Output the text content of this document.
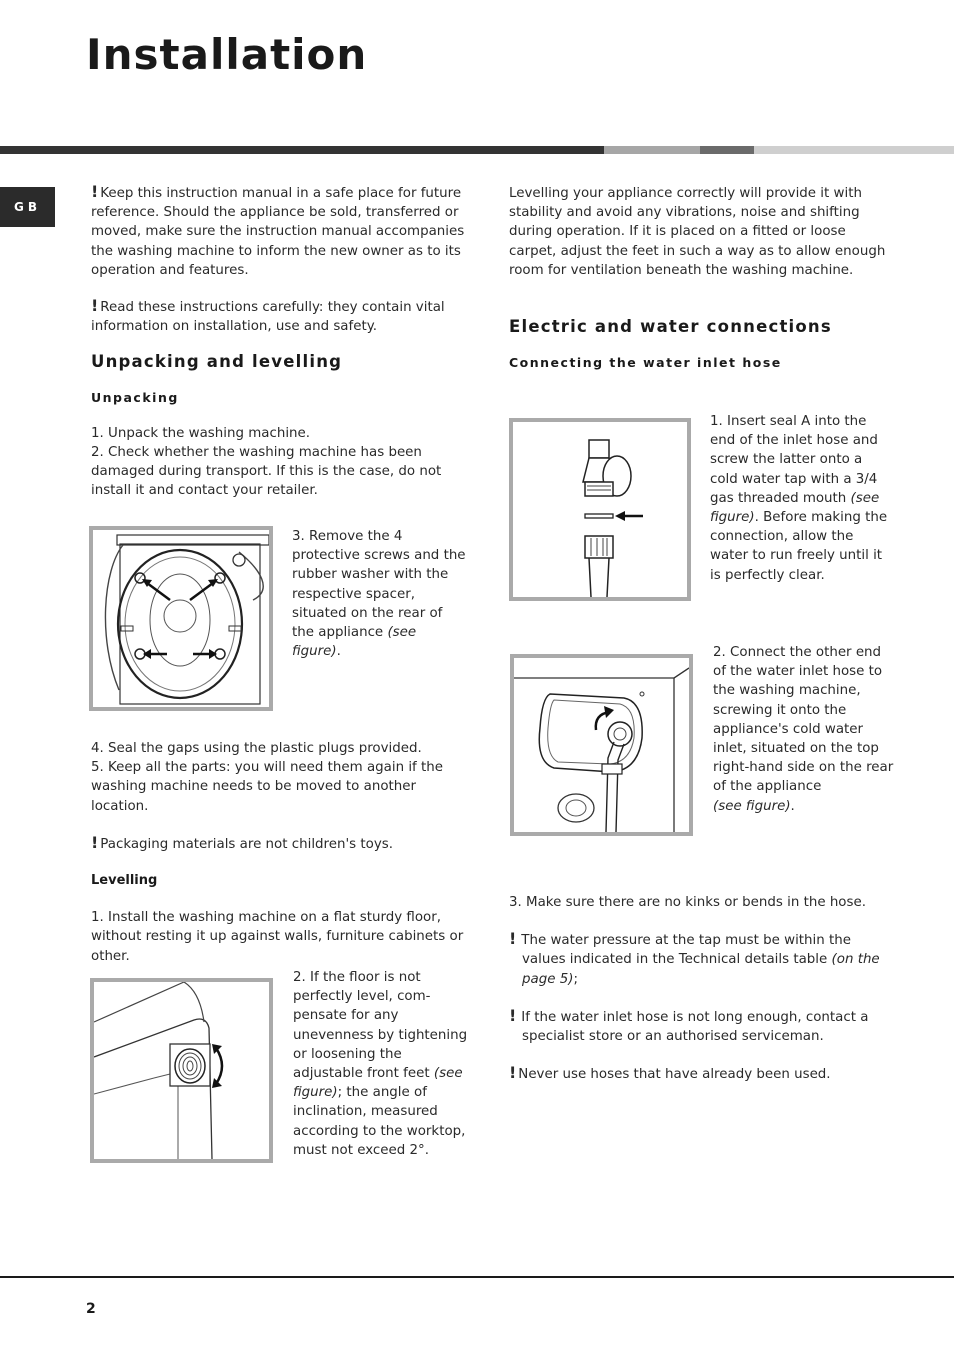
Installation
GB

! Keep this instruction manual in a safe place for future reference. Should the appliance be sold, transferred or moved, make sure the instruction manual accompanies the washing machine to inform the new owner as to its operation and features.

! Read these instructions carefully: they contain vital information on installation, use and safety.

Unpacking and levelling
Unpacking

1. Unpack the washing machine.

2. Check whether the washing machine has been damaged during transport. If this is the case, do not install it and contact your retailer.

3. Remove the 4 protective screws and the rubber washer with the respective spacer, situated on the rear of the appliance (see figure).

4. Seal the gaps using the plastic plugs provided.

5. Keep all the parts: you will need them again if the washing machine needs to be moved to another location.

! Packaging materials are not children's toys.

Levelling

1. Install the washing machine on a flat sturdy floor, without resting it up against walls, furniture cabinets or other.

2. If the floor is not perfectly level, com-pensate for any unevenness by tightening or loosening the adjustable front feet (see figure); the angle of inclination, measured according to the worktop, must not exceed 2°.

Levelling your appliance correctly will provide it with stability and avoid any vibrations, noise and shifting during operation. If it is placed on a fitted or loose carpet, adjust the feet in such a way as to allow enough room for ventilation beneath the washing machine.

Electric and water connections
Connecting the water inlet hose

1. Insert seal A into the end of the inlet hose and screw the latter onto a cold water tap with a 3/4 gas threaded mouth (see figure). Before making the connection, allow the water to run freely until it is perfectly clear.

2. Connect the other end of the water inlet hose to the washing machine,

screwing it onto the appliance's cold water inlet, situated on the top right-hand side on the rear of the appliance
(see figure).

3. Make sure there are no kinks or bends in the hose.

! The water pressure at the tap must be within the values indicated in the Technical details table (on the page 5);

! If the water inlet hose is not long enough, contact a specialist store or an authorised serviceman.

! Never use hoses that have already been used.

2
